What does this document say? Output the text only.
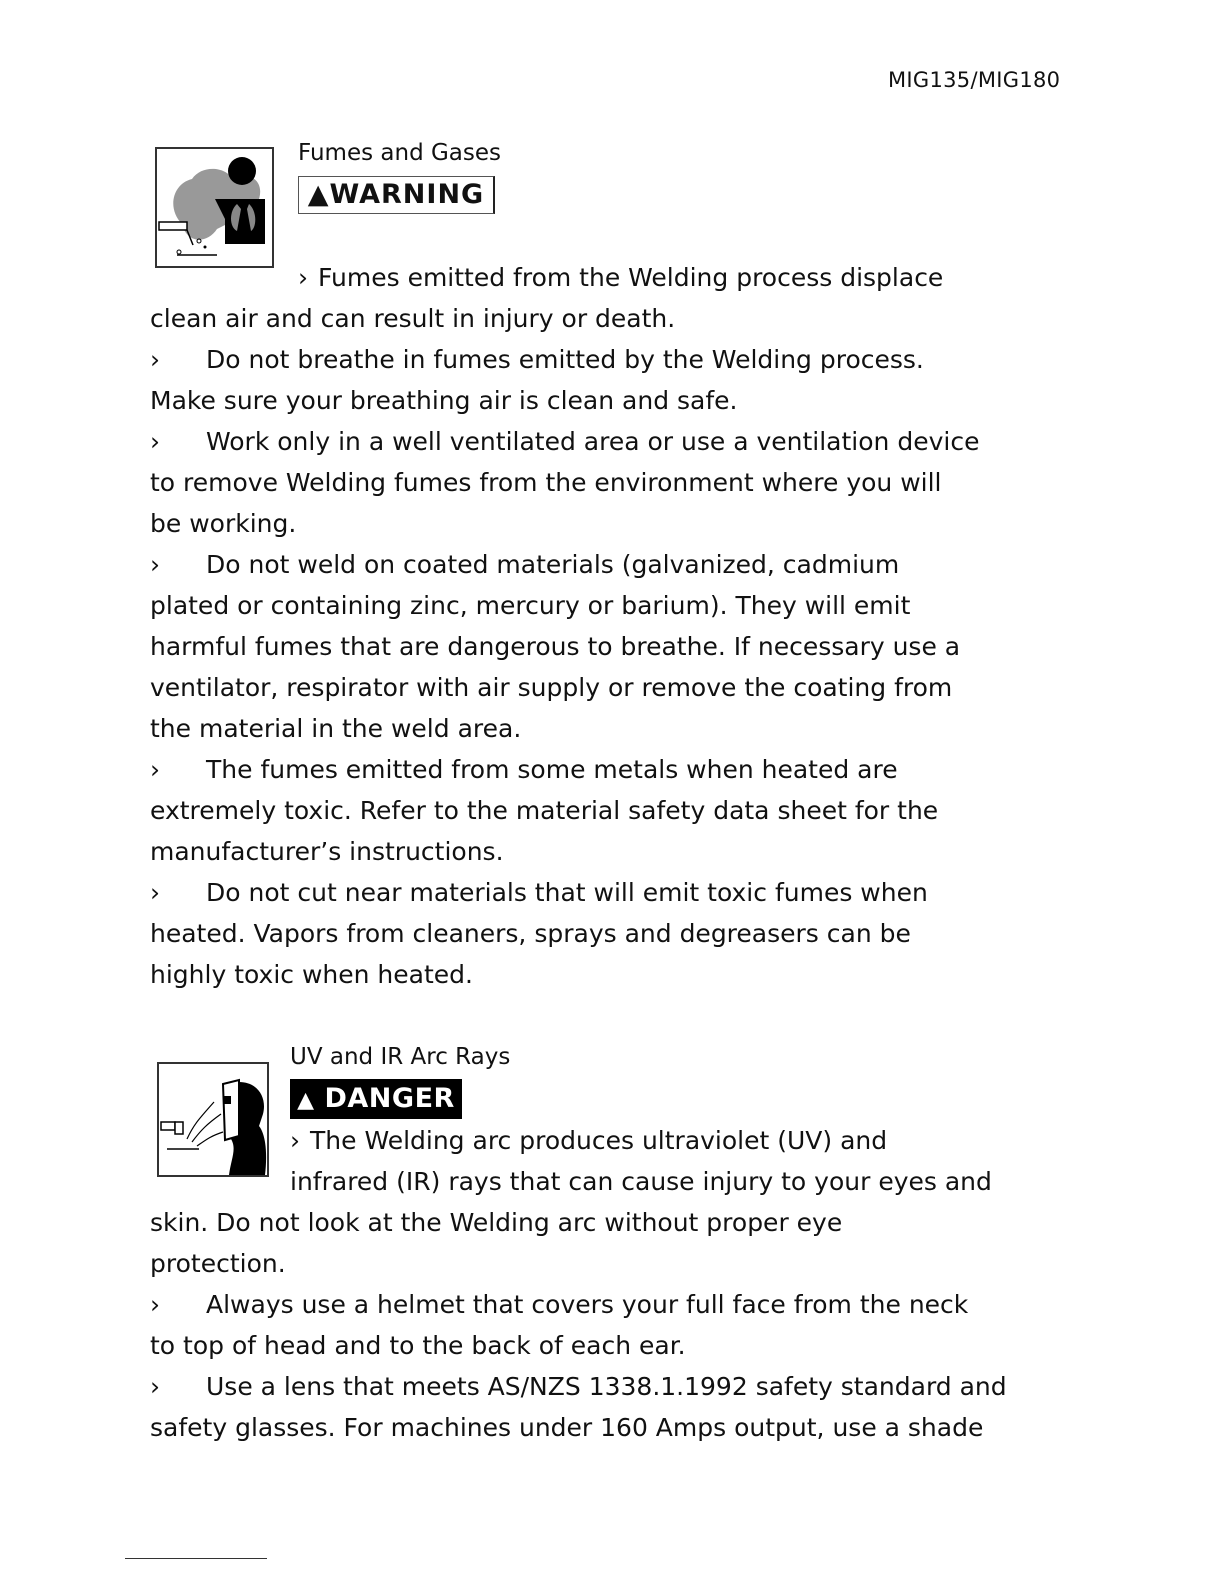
MIG135/MIG180
Fumes and Gases
▲WARNING
UV and IR Arc Rays
▲ DANGER
› Fumes emitted from the Welding process displace
clean air and can result in injury or death.
› Do not breathe in fumes emitted by the Welding process.
Make sure your breathing air is clean and safe.
› Work only in a well ventilated area or use a ventilation device
to remove Welding fumes from the environment where you will
be working.
› Do not weld on coated materials (galvanized, cadmium
plated or containing zinc, mercury or barium). They will emit
harmful fumes that are dangerous to breathe. If necessary use a
ventilator, respirator with air supply or remove the coating from
the material in the weld area.
› The fumes emitted from some metals when heated are
extremely toxic. Refer to the material safety data sheet for the
manufacturer’s instructions.
› Do not cut near materials that will emit toxic fumes when
heated. Vapors from cleaners, sprays and degreasers can be
highly toxic when heated.
› The Welding arc produces ultraviolet (UV) and
infrared (IR) rays that can cause injury to your eyes and
skin. Do not look at the Welding arc without proper eye
protection.
› Always use a helmet that covers your full face from the neck
to top of head and to the back of each ear.
› Use a lens that meets AS/NZS 1338.1.1992 safety standard and
safety glasses. For machines under 160 Amps output, use a shade
